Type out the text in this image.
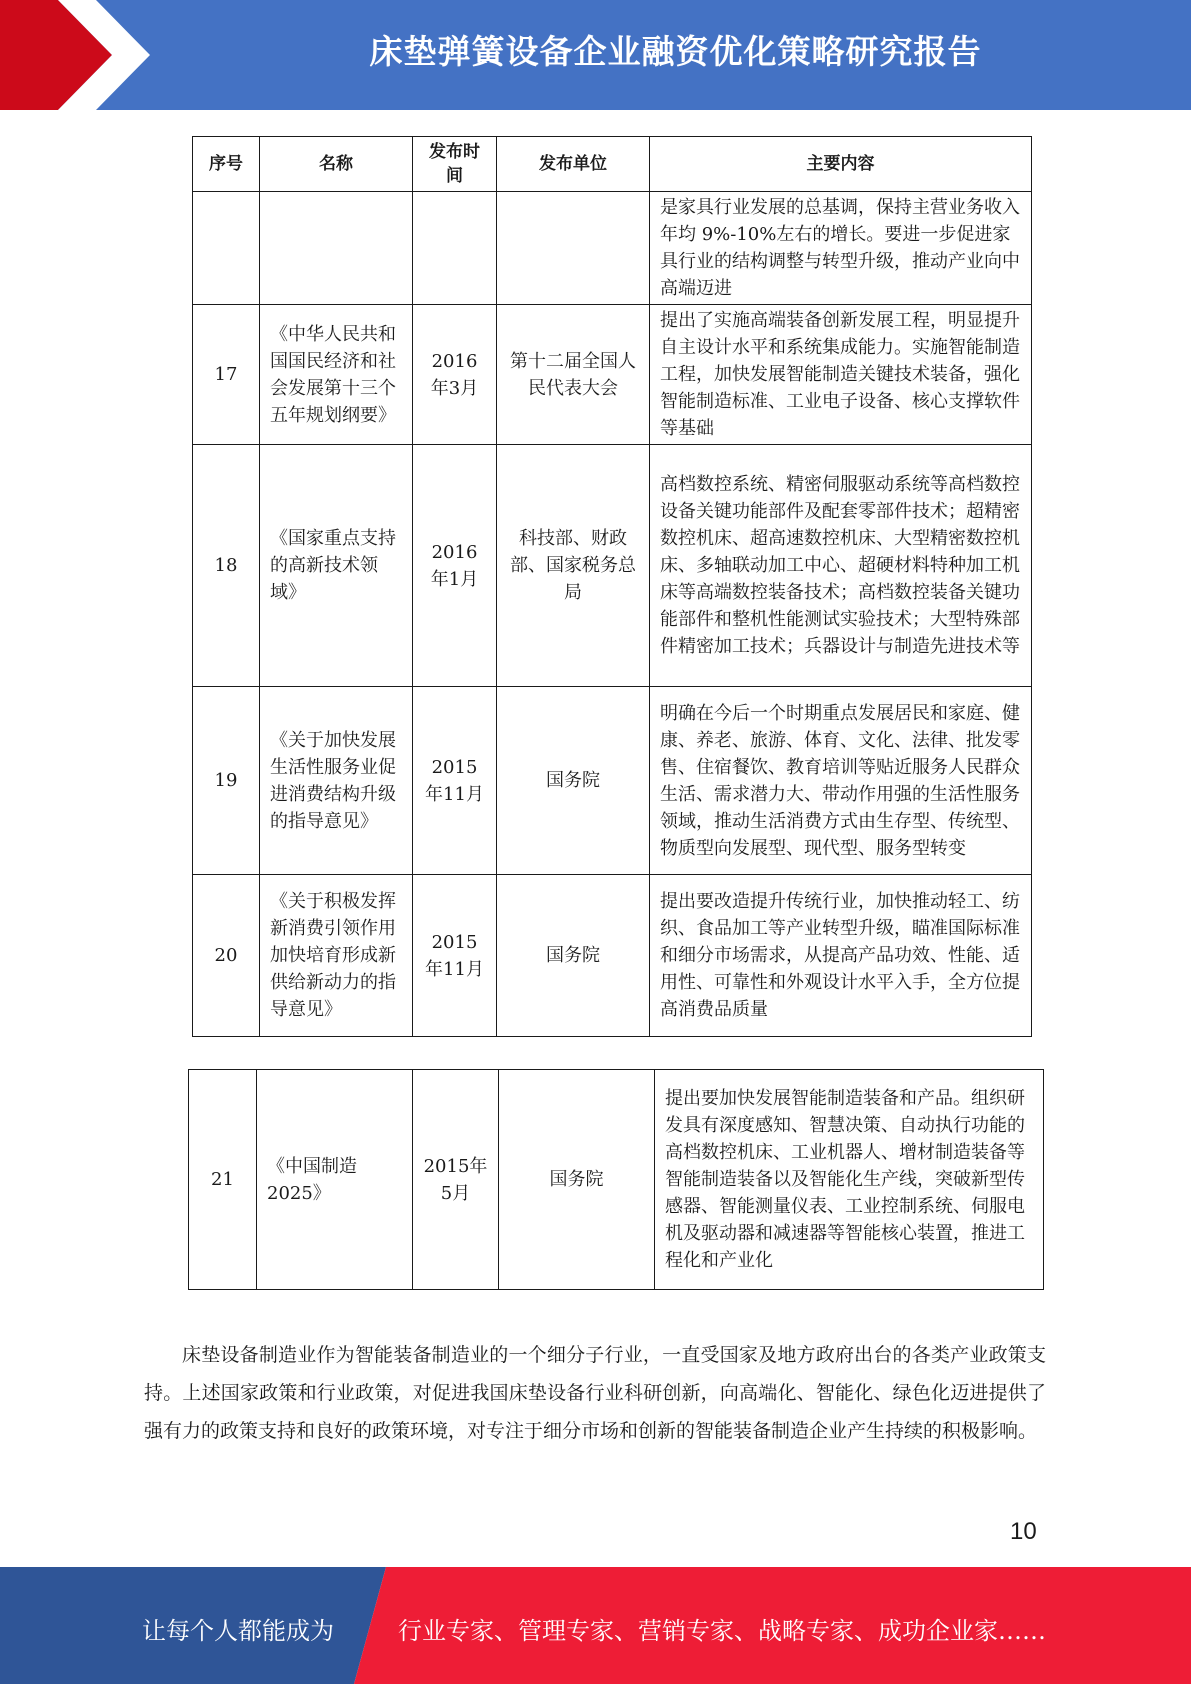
床垫弹簧设备企业融资优化策略研究报告
序号	名称	发布时间	发布单位	主要内容
				是家具行业发展的总基调，保持主营业务收入年均 9%-10%左右的增长。要进一步促进家具行业的结构调整与转型升级，推动产业向中高端迈进
17	《中华人民共和国国民经济和社会发展第十三个五年规划纲要》	2016年3月	第十二届全国人民代表大会	提出了实施高端装备创新发展工程，明显提升自主设计水平和系统集成能力。实施智能制造工程，加快发展智能制造关键技术装备，强化智能制造标准、工业电子设备、核心支撑软件等基础
18	《国家重点支持的高新技术领域》	2016年1月	科技部、财政部、国家税务总局	高档数控系统、精密伺服驱动系统等高档数控设备关键功能部件及配套零部件技术；超精密数控机床、超高速数控机床、大型精密数控机床、多轴联动加工中心、超硬材料特种加工机床等高端数控装备技术；高档数控装备关键功能部件和整机性能测试实验技术；大型特殊部件精密加工技术；兵器设计与制造先进技术等
19	《关于加快发展生活性服务业促进消费结构升级的指导意见》	2015年11月	国务院	明确在今后一个时期重点发展居民和家庭、健康、养老、旅游、体育、文化、法律、批发零售、住宿餐饮、教育培训等贴近服务人民群众生活、需求潜力大、带动作用强的生活性服务领域，推动生活消费方式由生存型、传统型、物质型向发展型、现代型、服务型转变
20	《关于积极发挥新消费引领作用加快培育形成新供给新动力的指导意见》	2015年11月	国务院	提出要改造提升传统行业，加快推动轻工、纺织、食品加工等产业转型升级，瞄准国际标准和细分市场需求，从提高产品功效、性能、适用性、可靠性和外观设计水平入手，全方位提高消费品质量
21	《中国制造2025》	2015年5月	国务院	提出要加快发展智能制造装备和产品。组织研发具有深度感知、智慧决策、自动执行功能的高档数控机床、工业机器人、增材制造装备等智能制造装备以及智能化生产线，突破新型传感器、智能测量仪表、工业控制系统、伺服电机及驱动器和减速器等智能核心装置，推进工程化和产业化
床垫设备制造业作为智能装备制造业的一个细分子行业，一直受国家及地方政府出台的各类产业政策支持。上述国家政策和行业政策，对促进我国床垫设备行业科研创新，向高端化、智能化、绿色化迈进提供了强有力的政策支持和良好的政策环境，对专注于细分市场和创新的智能装备制造企业产生持续的积极影响。
10
让每个人都能成为	行业专家、管理专家、营销专家、战略专家、成功企业家……
